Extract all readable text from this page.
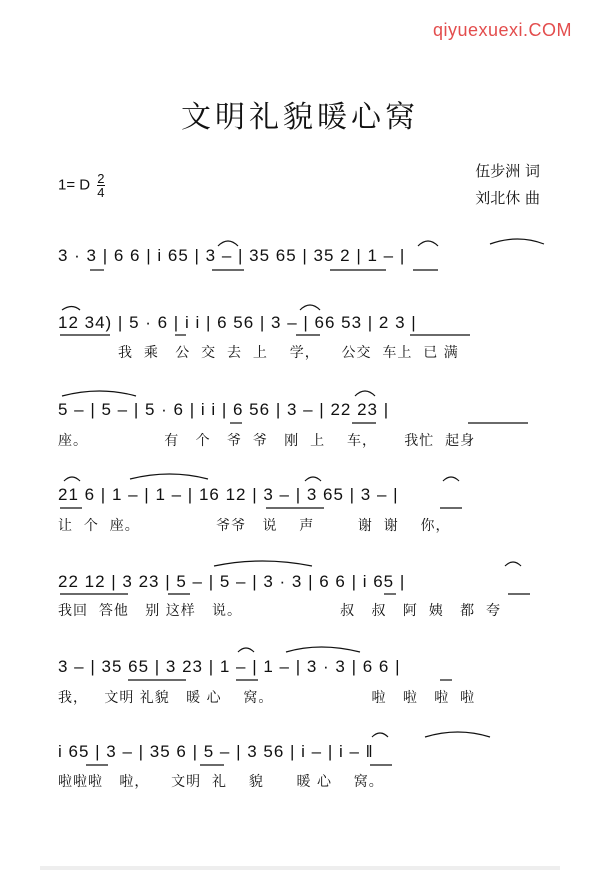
qiyuexuexi.COM
文明礼貌暖心窝
1= D $\frac{2}{4}$
伍步洲 词
刘北休 曲
3 · 3 | 6 6 | i 65 | 3 – | 35 65 | 35 2 | 1 – |
12 34) | 5 · 6 | i i | 6 56 | 3 – | 66 53 | 2 3 |
我  乘   公  交  去  上    学，    公交  车上  已 满
5 – | 5 – | 5 · 6 | i i | 6 56 | 3 – | 22 23 |
座。              有   个   爷  爷   刚  上    车，     我忙  起身
21 6 | 1 – | 1 – | 16 12 | 3 – | 3 65 | 3 – |
让  个  座。              爷爷   说    声        谢  谢    你，
22 12 | 3 23 | 5 – | 5 – | 3 · 3 | 6 6 | i 65 |
我回  答他   别 这样   说。                  叔   叔   阿  姨   都  夸
3 – | 35 65 | 3 23 | 1 – | 1 – | 3 · 3 | 6 6 |
我，   文明 礼貌   暖 心    窝。                  啦   啦   啦  啦
i 65 | 3 – | 35 6 | 5 – | 3 56 | i – | i – ‖
啦啦啦   啦，    文明  礼    貌      暖 心    窝。
